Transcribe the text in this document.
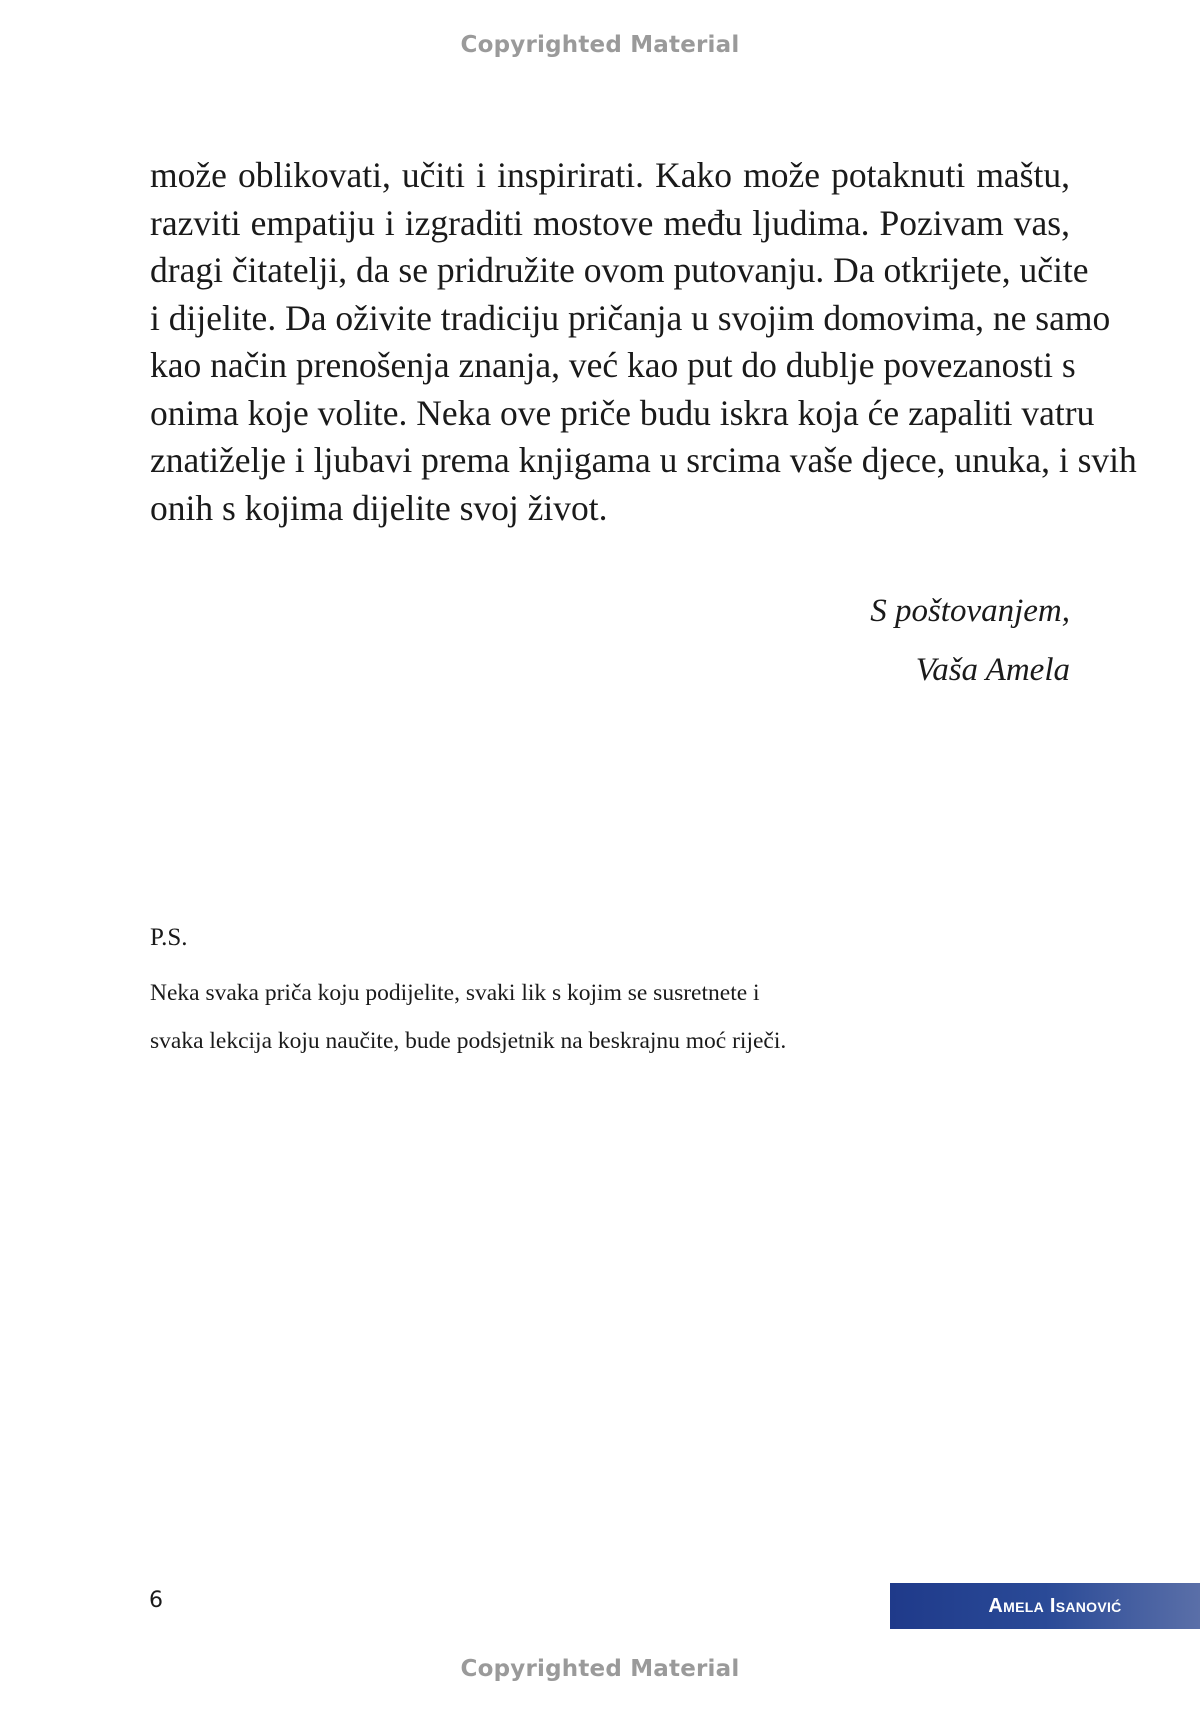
Copyrighted Material
može oblikovati, učiti i inspirirati. Kako može potaknuti maštu,
razviti empatiju i izgraditi mostove među ljudima. Pozivam vas,
dragi čitatelji, da se pridružite ovom putovanju. Da otkrijete, učite
i dijelite. Da oživite tradiciju pričanja u svojim domovima, ne samo
kao način prenošenja znanja, već kao put do dublje povezanosti s
onima koje volite. Neka ove priče budu iskra koja će zapaliti vatru
znatiželje i ljubavi prema knjigama u srcima vaše djece, unuka, i svih
onih s kojima dijelite svoj život.
S poštovanjem,
Vaša Amela
P.S.
Neka svaka priča koju podijelite, svaki lik s kojim se susretnete i
svaka lekcija koju naučite, bude podsjetnik na beskrajnu moć riječi.
6	Amela Isanović
Copyrighted Material
